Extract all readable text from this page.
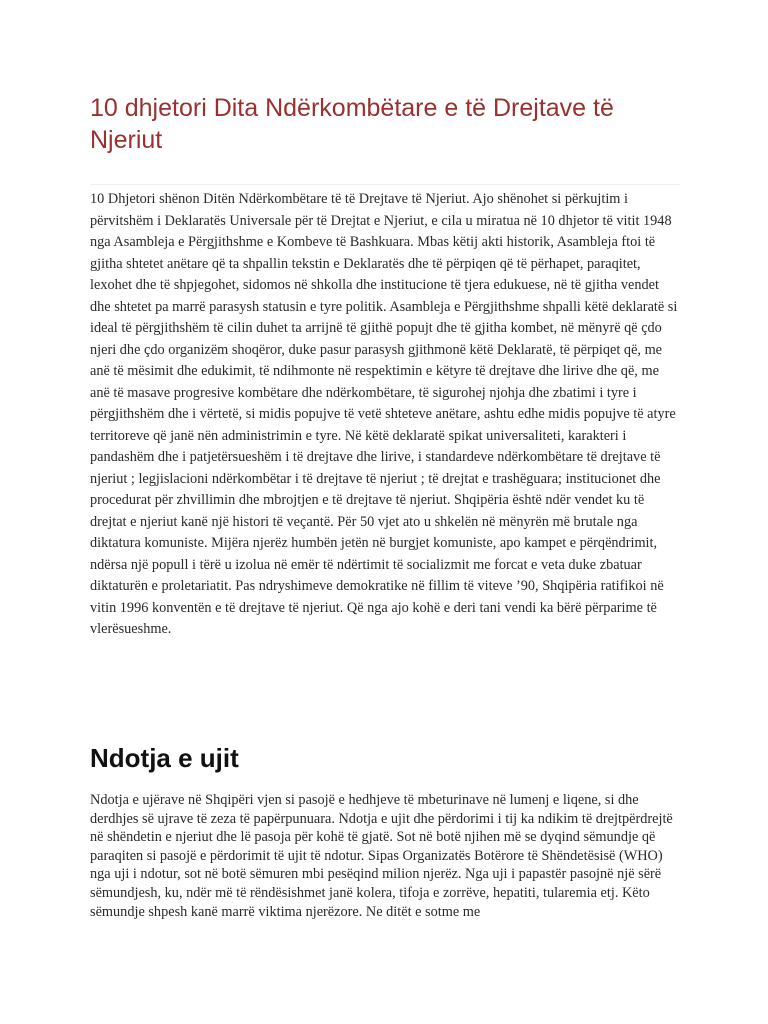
10 dhjetori Dita Ndërkombëtare e të Drejtave të Njeriut

10 Dhjetori shënon Ditën Ndërkombëtare të të Drejtave të Njeriut. Ajo shënohet si përkujtim i përvitshëm i Deklaratës Universale për të Drejtat e Njeriut, e cila u miratua në 10 dhjetor të vitit 1948 nga Asambleja e Përgjithshme e Kombeve të Bashkuara. Mbas këtij akti historik, Asambleja ftoi të gjitha shtetet anëtare që ta shpallin tekstin e Deklaratës dhe të përpiqen që të përhapet, paraqitet, lexohet dhe të shpjegohet, sidomos në shkolla dhe institucione të tjera edukuese, në të gjitha vendet dhe shtetet pa marrë parasysh statusin e tyre politik. Asambleja e Përgjithshme shpalli këtë deklaratë si ideal të përgjithshëm të cilin duhet ta arrijnë të gjithë popujt dhe të gjitha kombet, në mënyrë që çdo njeri dhe çdo organizëm shoqëror, duke pasur parasysh gjithmonë këtë Deklaratë, të përpiqet që, me anë të mësimit dhe edukimit, të ndihmonte në respektimin e këtyre të drejtave dhe lirive dhe që, me anë të masave progresive kombëtare dhe ndërkombëtare, të sigurohej njohja dhe zbatimi i tyre i përgjithshëm dhe i vërtetë, si midis popujve të vetë shteteve anëtare, ashtu edhe midis popujve të atyre territoreve që janë nën administrimin e tyre. Në këtë deklaratë spikat universaliteti, karakteri i pandashëm dhe i patjetërsueshëm i të drejtave dhe lirive, i standardeve ndërkombëtare të drejtave të njeriut ; legjislacioni ndërkombëtar i të drejtave të njeriut ; të drejtat e trashëguara; institucionet dhe procedurat për zhvillimin dhe mbrojtjen e të drejtave të njeriut. Shqipëria është ndër vendet ku të drejtat e njeriut kanë një histori të veçantë. Për 50 vjet ato u shkelën në mënyrën më brutale nga diktatura komuniste. Mijëra njerëz humbën jetën në burgjet komuniste, apo kampet e përqëndrimit, ndërsa një popull i tërë u izolua në emër të ndërtimit të socializmit me forcat e veta duke zbatuar diktaturën e proletariatit. Pas ndryshimeve demokratike në fillim të viteve ’90, Shqipëria ratifikoi në vitin 1996 konventën e të drejtave të njeriut. Që nga ajo kohë e deri tani vendi ka bërë përparime të vlerësueshme.

Ndotja e ujit

Ndotja e ujërave në Shqipëri vjen si pasojë e hedhjeve të mbeturinave në lumenj e liqene, si dhe derdhjes së ujrave të zeza të papërpunuara. Ndotja e ujit dhe përdorimi i tij ka ndikim të drejtpërdrejtë në shëndetin e njeriut dhe lë pasoja për kohë të gjatë. Sot në botë njihen më se dyqind sëmundje që paraqiten si pasojë e përdorimit të ujit të ndotur. Sipas Organizatës Botërore të Shëndetësisë (WHO) nga uji i ndotur, sot në botë sëmuren mbi pesëqind milion njerëz. Nga uji i papastër pasojnë një sërë sëmundjesh, ku, ndër më të rëndësishmet janë kolera, tifoja e zorrëve, hepatiti, tularemia etj. Këto sëmundje shpesh kanë marrë viktima njerëzore. Ne ditët e sotme me
